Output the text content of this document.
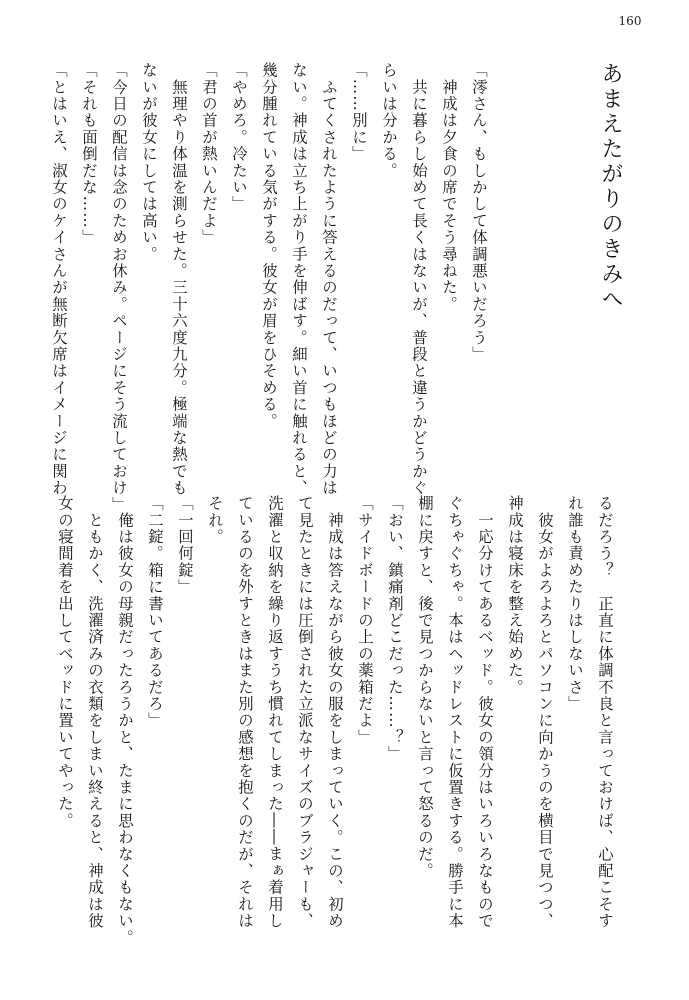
160
あまえたがりのきみへ
「澪さん、もしかして体調悪いだろう」
　神成は夕食の席でそう尋ねた。
　共に暮らし始めて長くはないが、普段と違うかどうかぐ
らいは分かる。
「……別に」
　ふてくされたように答えるのだって、いつもほどの力は
ない。神成は立ち上がり手を伸ばす。細い首に触れると、
幾分腫れている気がする。彼女が眉をひそめる。
「やめろ。冷たい」
「君の首が熱いんだよ」
　無理やり体温を測らせた。三十六度九分。極端な熱でも
ないが彼女にしては高い。
「今日の配信は念のためお休み。ページにそう流しておけ」
「それも面倒だな……」
「とはいえ、淑女のケイさんが無断欠席はイメージに関わ
るだろう？　正直に体調不良と言っておけば、心配こそす
れ誰も責めたりはしないさ」
　彼女がよろよろとパソコンに向かうのを横目で見つつ、
神成は寝床を整え始めた。
　一応分けてあるベッド。彼女の領分はいろいろなもので
ぐちゃぐちゃ。本はヘッドレストに仮置きする。勝手に本
棚に戻すと、後で見つからないと言って怒るのだ。
「おい、鎮痛剤どこだった……？」
「サイドボードの上の薬箱だよ」
　神成は答えながら彼女の服をしまっていく。この、初め
て見たときには圧倒された立派なサイズのブラジャーも、
洗濯と収納を繰り返すうち慣れてしまった――まぁ着用し
ているのを外すときはまた別の感想を抱くのだが、それは
それ。
「一回何錠」
「二錠。箱に書いてあるだろ」
　俺は彼女の母親だったろうかと、たまに思わなくもない。
　ともかく、洗濯済みの衣類をしまい終えると、神成は彼
女の寝間着を出してベッドに置いてやった。
